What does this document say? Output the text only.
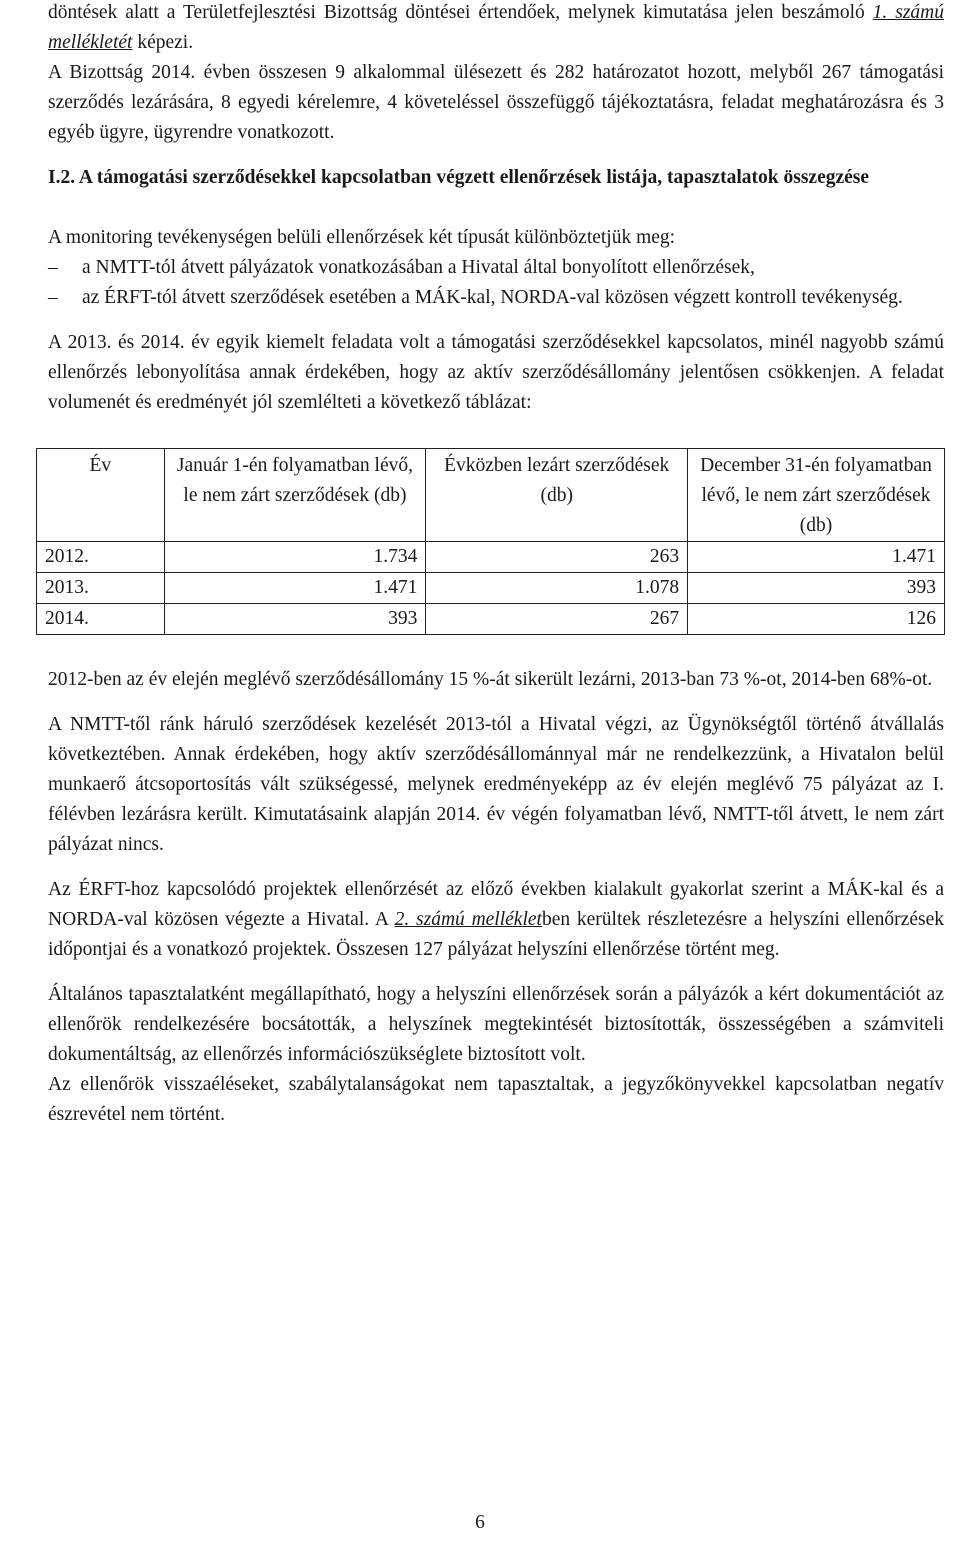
döntések alatt a Területfejlesztési Bizottság döntései értendőek, melynek kimutatása jelen beszámoló 1. számú mellékletét képezi.

A Bizottság 2014. évben összesen 9 alkalommal ülésezett és 282 határozatot hozott, melyből 267 támogatási szerződés lezárására, 8 egyedi kérelemre, 4 követeléssel összefüggő tájékoztatásra, feladat meghatározásra és 3 egyéb ügyre, ügyrendre vonatkozott.

I.2. A támogatási szerződésekkel kapcsolatban végzett ellenőrzések listája, tapasztalatok összegzése

A monitoring tevékenységen belüli ellenőrzések két típusát különböztetjük meg:

– a NMTT-tól átvett pályázatok vonatkozásában a Hivatal által bonyolított ellenőrzések,
– az ÉRFT-tól átvett szerződések esetében a MÁK-kal, NORDA-val közösen végzett kontroll tevékenység.

A 2013. és 2014. év egyik kiemelt feladata volt a támogatási szerződésekkel kapcsolatos, minél nagyobb számú ellenőrzés lebonyolítása annak érdekében, hogy az aktív szerződésállomány jelentősen csökkenjen. A feladat volumenét és eredményét jól szemlélteti a következő táblázat:

Év	Január 1-én folyamatban lévő, le nem zárt szerződések (db)	Évközben lezárt szerződések (db)	December 31-én folyamatban lévő, le nem zárt szerződések (db)
2012.	1.734	263	1.471
2013.	1.471	1.078	393
2014.	393	267	126

2012-ben az év elején meglévő szerződésállomány 15 %-át sikerült lezárni, 2013-ban 73 %-ot, 2014-ben 68%-ot.

A NMTT-től ránk háruló szerződések kezelését 2013-tól a Hivatal végzi, az Ügynökségtől történő átvállalás következtében. Annak érdekében, hogy aktív szerződésállománnyal már ne rendelkezzünk, a Hivatalon belül munkaerő átcsoportosítás vált szükségessé, melynek eredményeképp az év elején meglévő 75 pályázat az I. félévben lezárásra került. Kimutatásaink alapján 2014. év végén folyamatban lévő, NMTT-től átvett, le nem zárt pályázat nincs.

Az ÉRFT-hoz kapcsolódó projektek ellenőrzését az előző években kialakult gyakorlat szerint a MÁK-kal és a NORDA-val közösen végezte a Hivatal. A 2. számú mellékletben kerültek részletezésre a helyszíni ellenőrzések időpontjai és a vonatkozó projektek. Összesen 127 pályázat helyszíni ellenőrzése történt meg.

Általános tapasztalatként megállapítható, hogy a helyszíni ellenőrzések során a pályázók a kért dokumentációt az ellenőrök rendelkezésére bocsátották, a helyszínek megtekintését biztosították, összességében a számviteli dokumentáltság, az ellenőrzés információszükséglete biztosított volt.

Az ellenőrök visszaéléseket, szabálytalanságokat nem tapasztaltak, a jegyzőkönyvekkel kapcsolatban negatív észrevétel nem történt.

6
